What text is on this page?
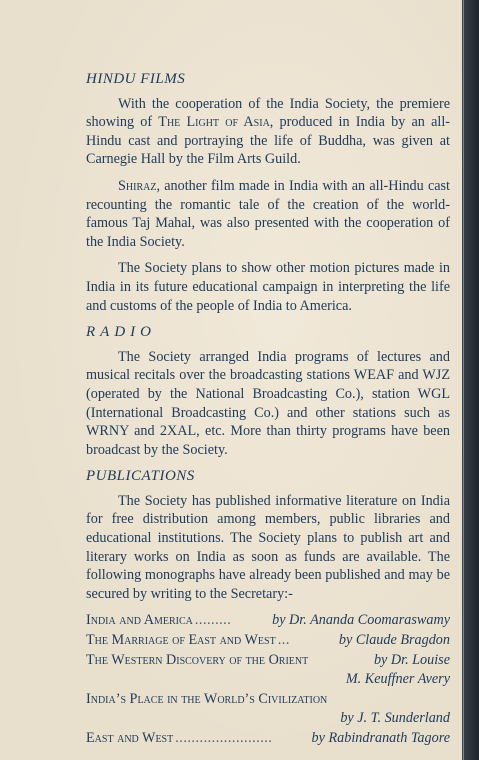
HINDU FILMS

With the cooperation of the India Society, the premiere showing of The Light of Asia, produced in India by an all-Hindu cast and portraying the life of Buddha, was given at Carnegie Hall by the Film Arts Guild.

Shiraz, another film made in India with an all-Hindu cast recounting the romantic tale of the creation of the world-famous Taj Mahal, was also presented with the cooperation of the India Society.

The Society plans to show other motion pictures made in India in its future educational campaign in interpreting the life and customs of the people of India to America.

RADIO

The Society arranged India programs of lectures and musical recitals over the broadcasting stations WEAF and WJZ (operated by the National Broadcasting Co.), station WGL (International Broadcasting Co.) and other stations such as WRNY and 2XAL, etc. More than thirty programs have been broadcast by the Society.

PUBLICATIONS

The Society has published informative literature on India for free distribution among members, public libraries and educational institutions. The Society plans to publish art and literary works on India as soon as funds are available. The following monographs have already been published and may be secured by writing to the Secretary:-

India and America .........	by Dr. Ananda Coomaraswamy
The Marriage of East and West ...	by Claude Bragdon
The Western Discovery of the Orient	by Dr. Louise
M. Keuffner Avery
India’s Place in the World’s Civilization
by J. T. Sunderland
East and West ........................	by Rabindranath Tagore
